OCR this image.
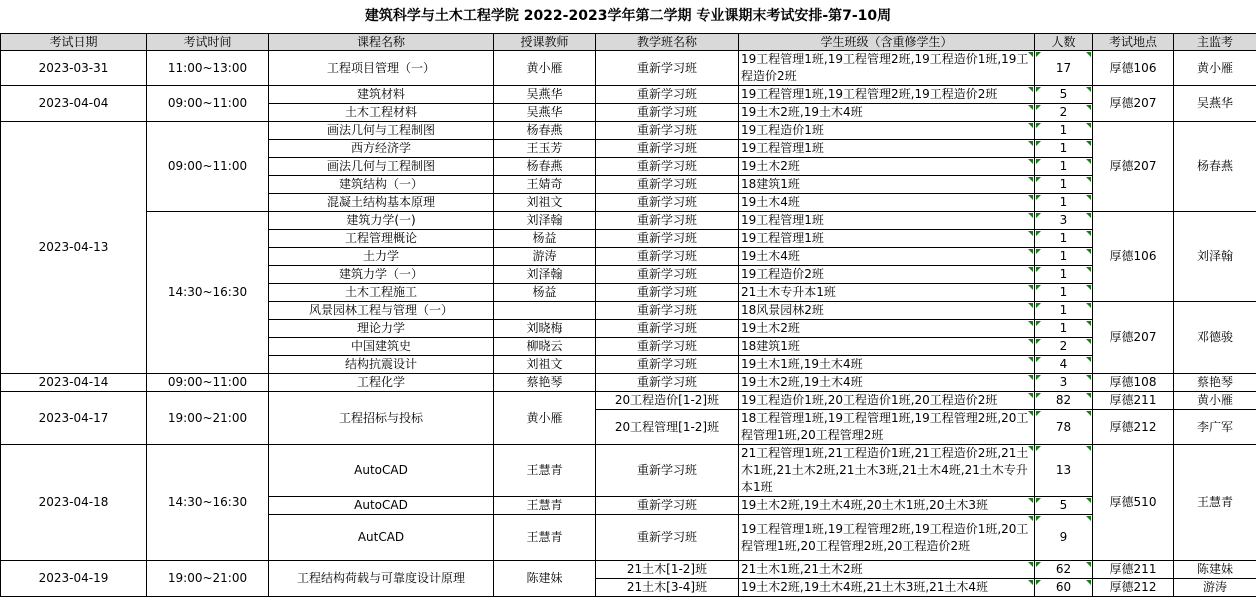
建筑科学与土木工程学院 2022-2023学年第二学期 专业课期末考试安排-第7-10周
考试日期	考试时间	课程名称	授课教师	教学班名称	学生班级（含重修学生）	人数	考试地点	主监考
2023-03-31	11:00~13:00	工程项目管理（一）	黄小雁	重新学习班	19工程管理1班,19工程管理2班,19工程造价1班,19工程造价2班	17	厚德106	黄小雁
2023-04-04	09:00~11:00	建筑材料	吴燕华	重新学习班	19工程管理1班,19工程管理2班,19工程造价2班	5	厚德207	吴燕华
		土木工程材料	吴燕华	重新学习班	19土木2班,19土木4班	2		
2023-04-13	09:00~11:00	画法几何与工程制图	杨春燕	重新学习班	19工程造价1班	1	厚德207	杨春燕
		西方经济学	王玉芳	重新学习班	19工程管理1班	1		
		画法几何与工程制图	杨春燕	重新学习班	19土木2班	1		
		建筑结构（一）	王婧奇	重新学习班	18建筑1班	1		
		混凝土结构基本原理	刘祖文	重新学习班	19土木4班	1		
	14:30~16:30	建筑力学(一)	刘泽翰	重新学习班	19工程管理1班	3	厚德106	刘泽翰
		工程管理概论	杨益	重新学习班	19工程管理1班	1		
		土力学	游涛	重新学习班	19土木4班	1		
		建筑力学（一）	刘泽翰	重新学习班	19工程造价2班	1		
		土木工程施工	杨益	重新学习班	21土木专升本1班	1		
		风景园林工程与管理（一）		重新学习班	18风景园林2班	1	厚德207	邓德骏
		理论力学	刘晓梅	重新学习班	19土木2班	1		
		中国建筑史	柳晓云	重新学习班	18建筑1班	2		
		结构抗震设计	刘祖文	重新学习班	19土木1班,19土木4班	4		
2023-04-14	09:00~11:00	工程化学	蔡艳琴	重新学习班	19土木2班,19土木4班	3	厚德108	蔡艳琴
2023-04-17	19:00~21:00	工程招标与投标	黄小雁	20工程造价[1-2]班	19工程造价1班,20工程造价1班,20工程造价2班	82	厚德211	黄小雁
				20工程管理[1-2]班	18工程管理1班,19工程管理1班,19工程管理2班,20工程管理1班,20工程管理2班	78	厚德212	李广军
2023-04-18	14:30~16:30	AutoCAD	王慧青	重新学习班	21工程管理1班,21工程造价1班,21工程造价2班,21土木1班,21土木2班,21土木3班,21土木4班,21土木专升本1班	13	厚德510	王慧青
		AutoCAD	王慧青	重新学习班	19土木2班,19土木4班,20土木1班,20土木3班	5		
		AutCAD	王慧青	重新学习班	19工程管理1班,19工程管理2班,19工程造价1班,20工程管理1班,20工程管理2班,20工程造价2班	9		
2023-04-19	19:00~21:00	工程结构荷载与可靠度设计原理	陈建妹	21土木[1-2]班	21土木1班,21土木2班	62	厚德211	陈建妹
				21土木[3-4]班	19土木2班,19土木4班,21土木3班,21土木4班	60	厚德212	游涛
